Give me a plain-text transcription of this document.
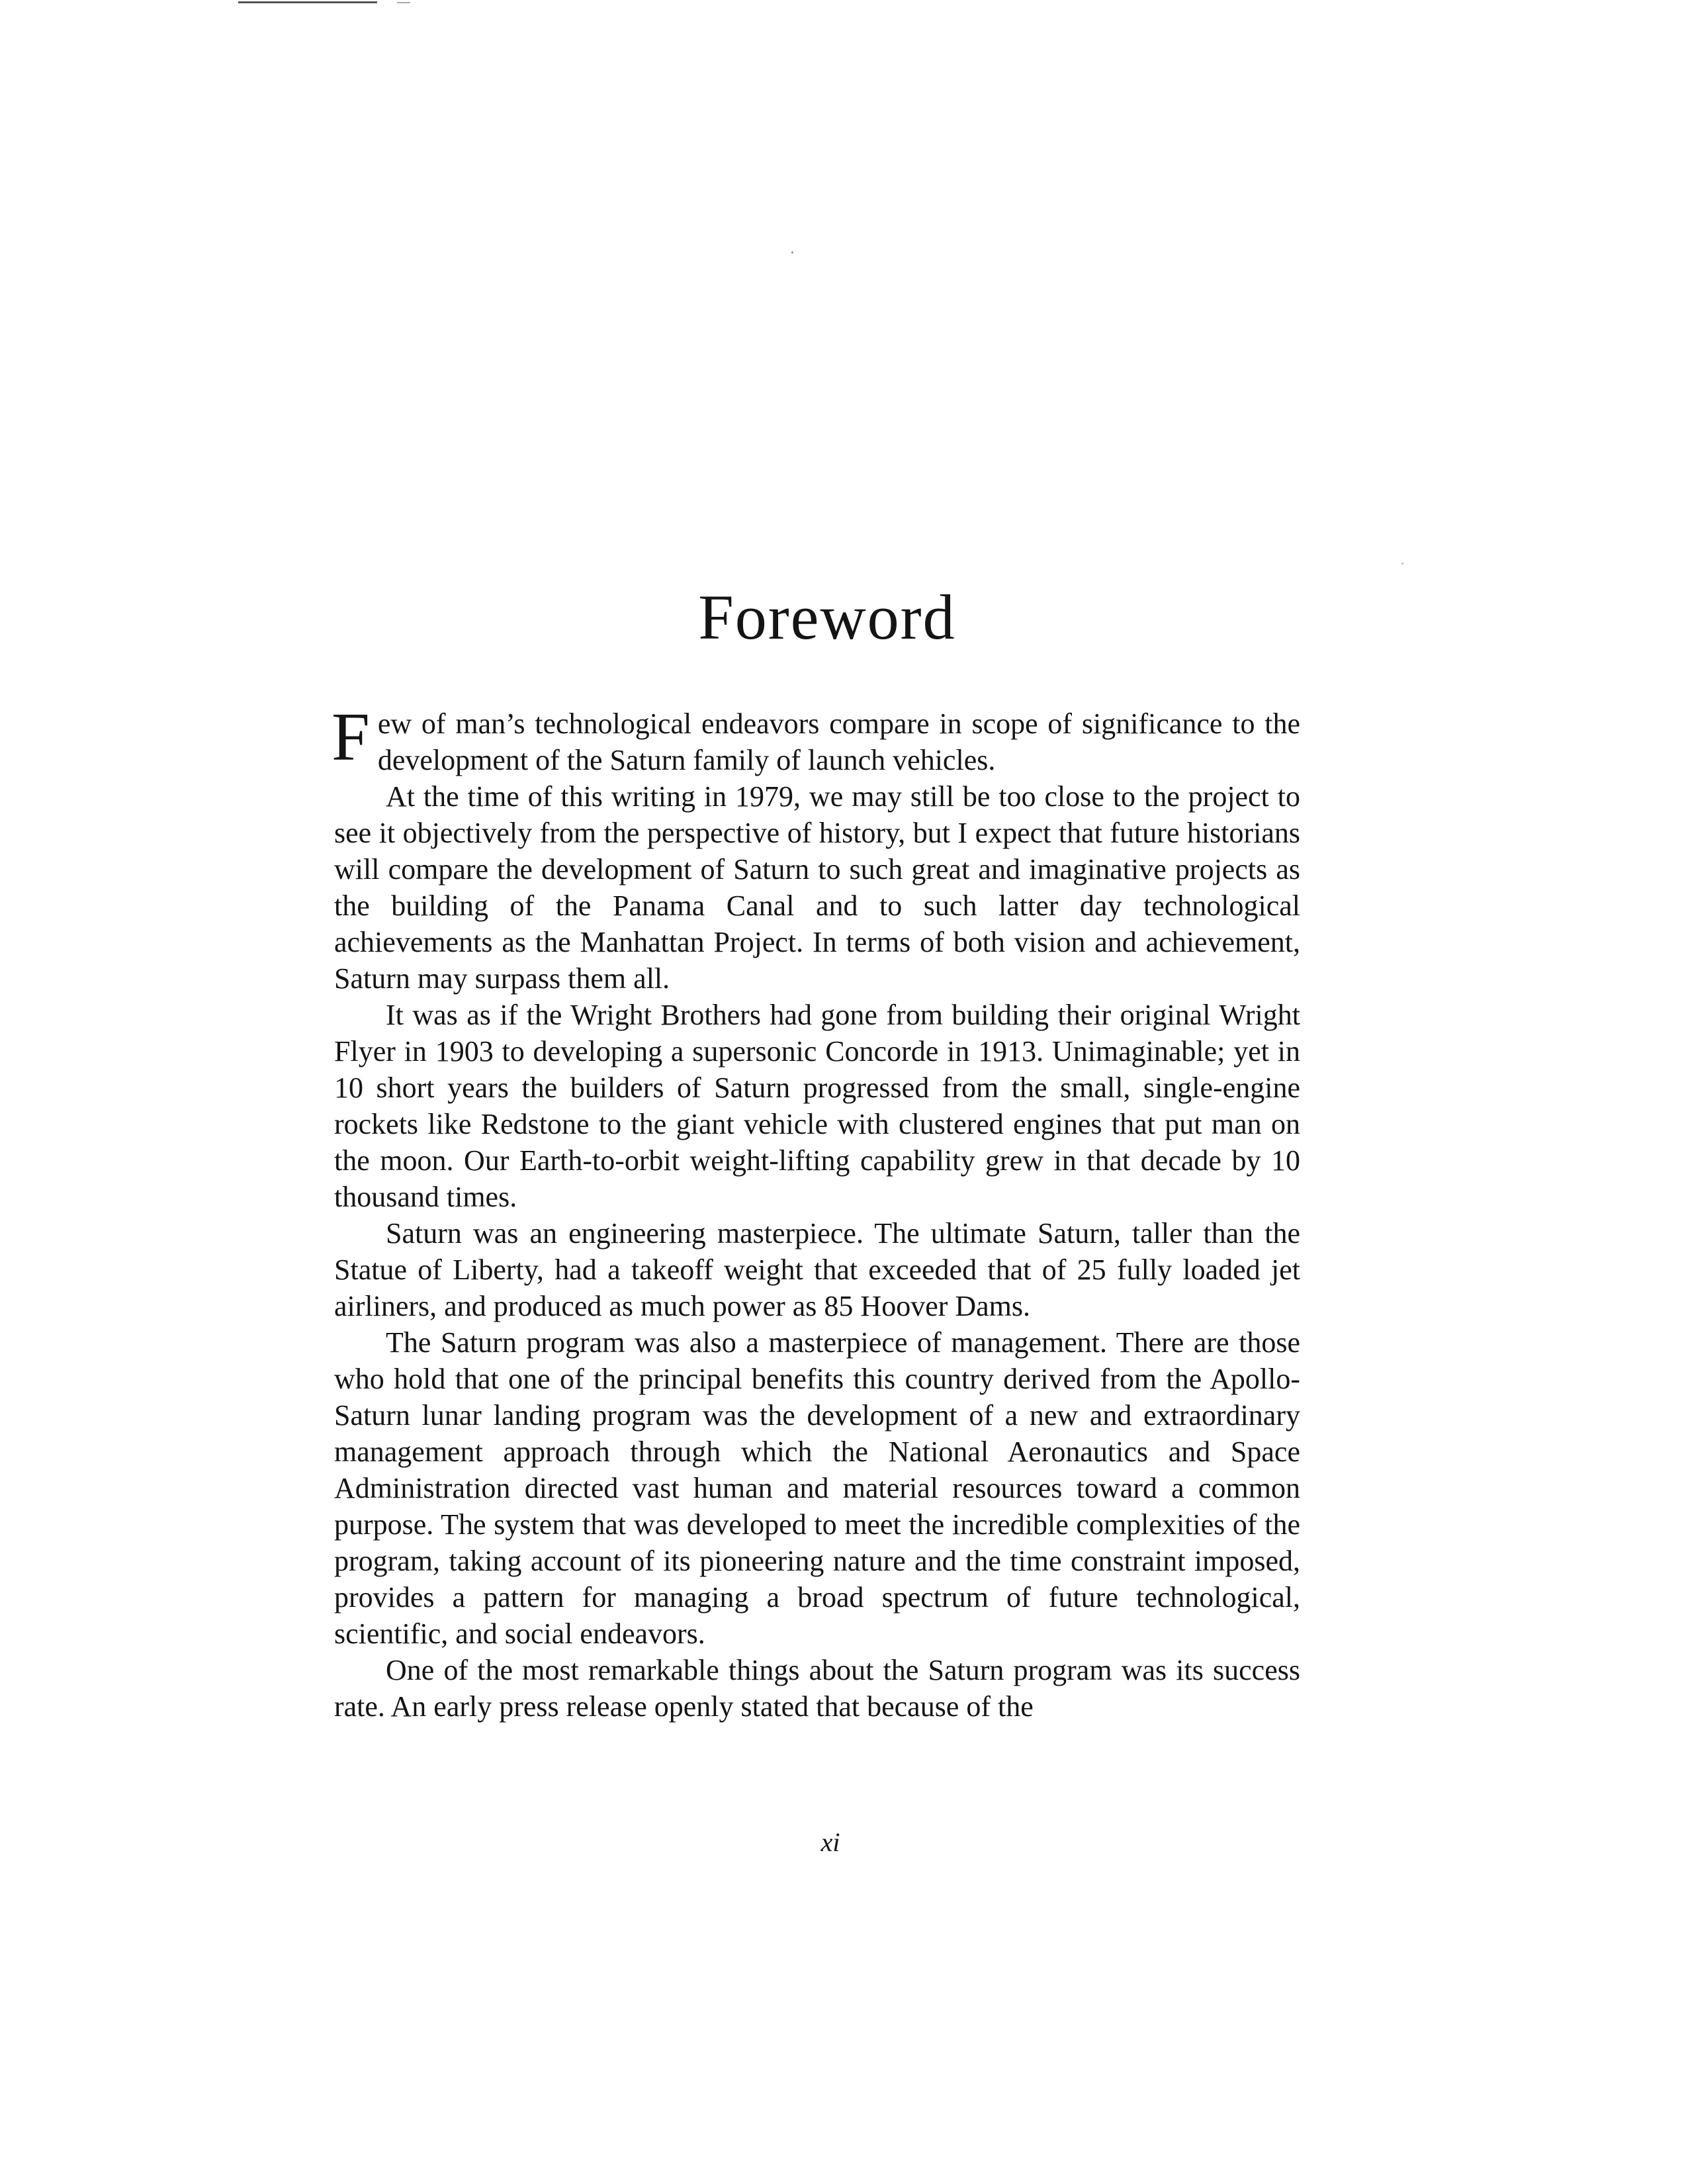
Foreword

Few of man’s technological endeavors compare in scope of significance to the development of the Saturn family of launch vehicles.

At the time of this writing in 1979, we may still be too close to the project to see it objectively from the perspective of history, but I expect that future historians will compare the development of Saturn to such great and imaginative projects as the building of the Panama Canal and to such latter day technological achievements as the Manhattan Project. In terms of both vision and achievement, Saturn may surpass them all.

It was as if the Wright Brothers had gone from building their original Wright Flyer in 1903 to developing a supersonic Concorde in 1913. Unimaginable; yet in 10 short years the builders of Saturn progressed from the small, single-engine rockets like Redstone to the giant vehicle with clustered engines that put man on the moon. Our Earth-to-orbit weight-lifting capability grew in that decade by 10 thousand times.

Saturn was an engineering masterpiece. The ultimate Saturn, taller than the Statue of Liberty, had a takeoff weight that exceeded that of 25 fully loaded jet airliners, and produced as much power as 85 Hoover Dams.

The Saturn program was also a masterpiece of management. There are those who hold that one of the principal benefits this country derived from the Apollo-Saturn lunar landing program was the development of a new and extraordinary management approach through which the National Aeronautics and Space Administration directed vast human and material resources toward a common purpose. The system that was developed to meet the incredible complexities of the program, taking account of its pioneering nature and the time constraint imposed, provides a pattern for managing a broad spectrum of future technological, scientific, and social endeavors.

One of the most remarkable things about the Saturn program was its success rate. An early press release openly stated that because of the

xi
